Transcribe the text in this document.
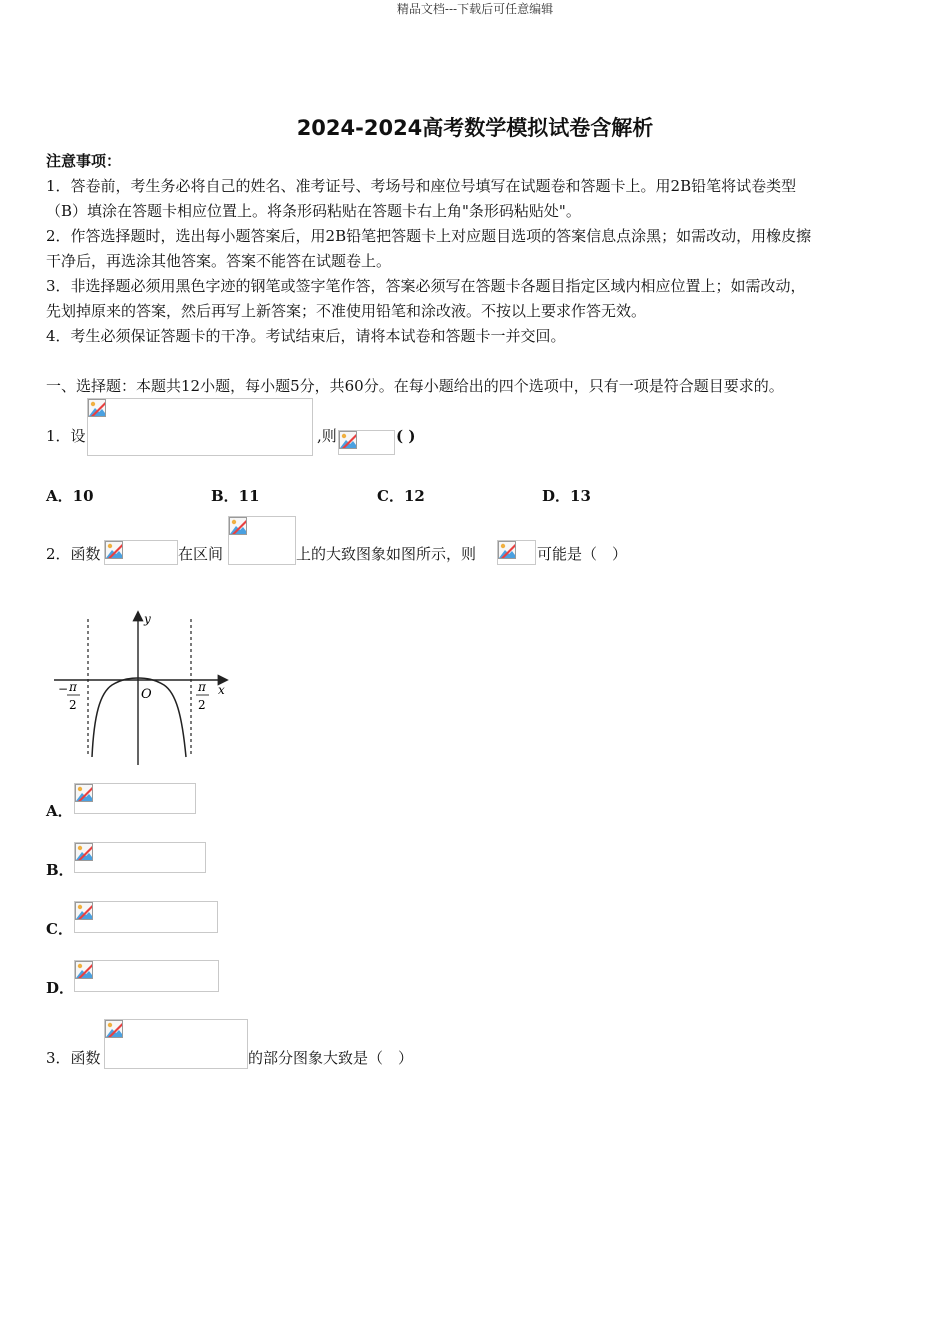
精品文档---下载后可任意编辑
2024-2024高考数学模拟试卷含解析
注意事项：
1．答卷前，考生务必将自己的姓名、准考证号、考场号和座位号填写在试题卷和答题卡上。用2B铅笔将试卷类型
（B）填涂在答题卡相应位置上。将条形码粘贴在答题卡右上角"条形码粘贴处"。
2．作答选择题时，选出每小题答案后，用2B铅笔把答题卡上对应题目选项的答案信息点涂黑；如需改动，用橡皮擦
干净后，再选涂其他答案。答案不能答在试题卷上。
3．非选择题必须用黑色字迹的钢笔或签字笔作答，答案必须写在答题卡各题目指定区域内相应位置上；如需改动，
先划掉原来的答案，然后再写上新答案；不准使用铅笔和涂改液。不按以上要求作答无效。
4．考生必须保证答题卡的干净。考试结束后，请将本试卷和答题卡一并交回。
一、选择题：本题共12小题，每小题5分，共60分。在每小题给出的四个选项中，只有一项是符合题目要求的。
1．设	,则	( )
A．10	B．11	C．12	D．13
2．函数	在区间	上的大致图象如图所示，则	可能是（　）
y
x
O
− π
2
π
2
A．
B．
C．
D．
3．函数	的部分图象大致是（　）
